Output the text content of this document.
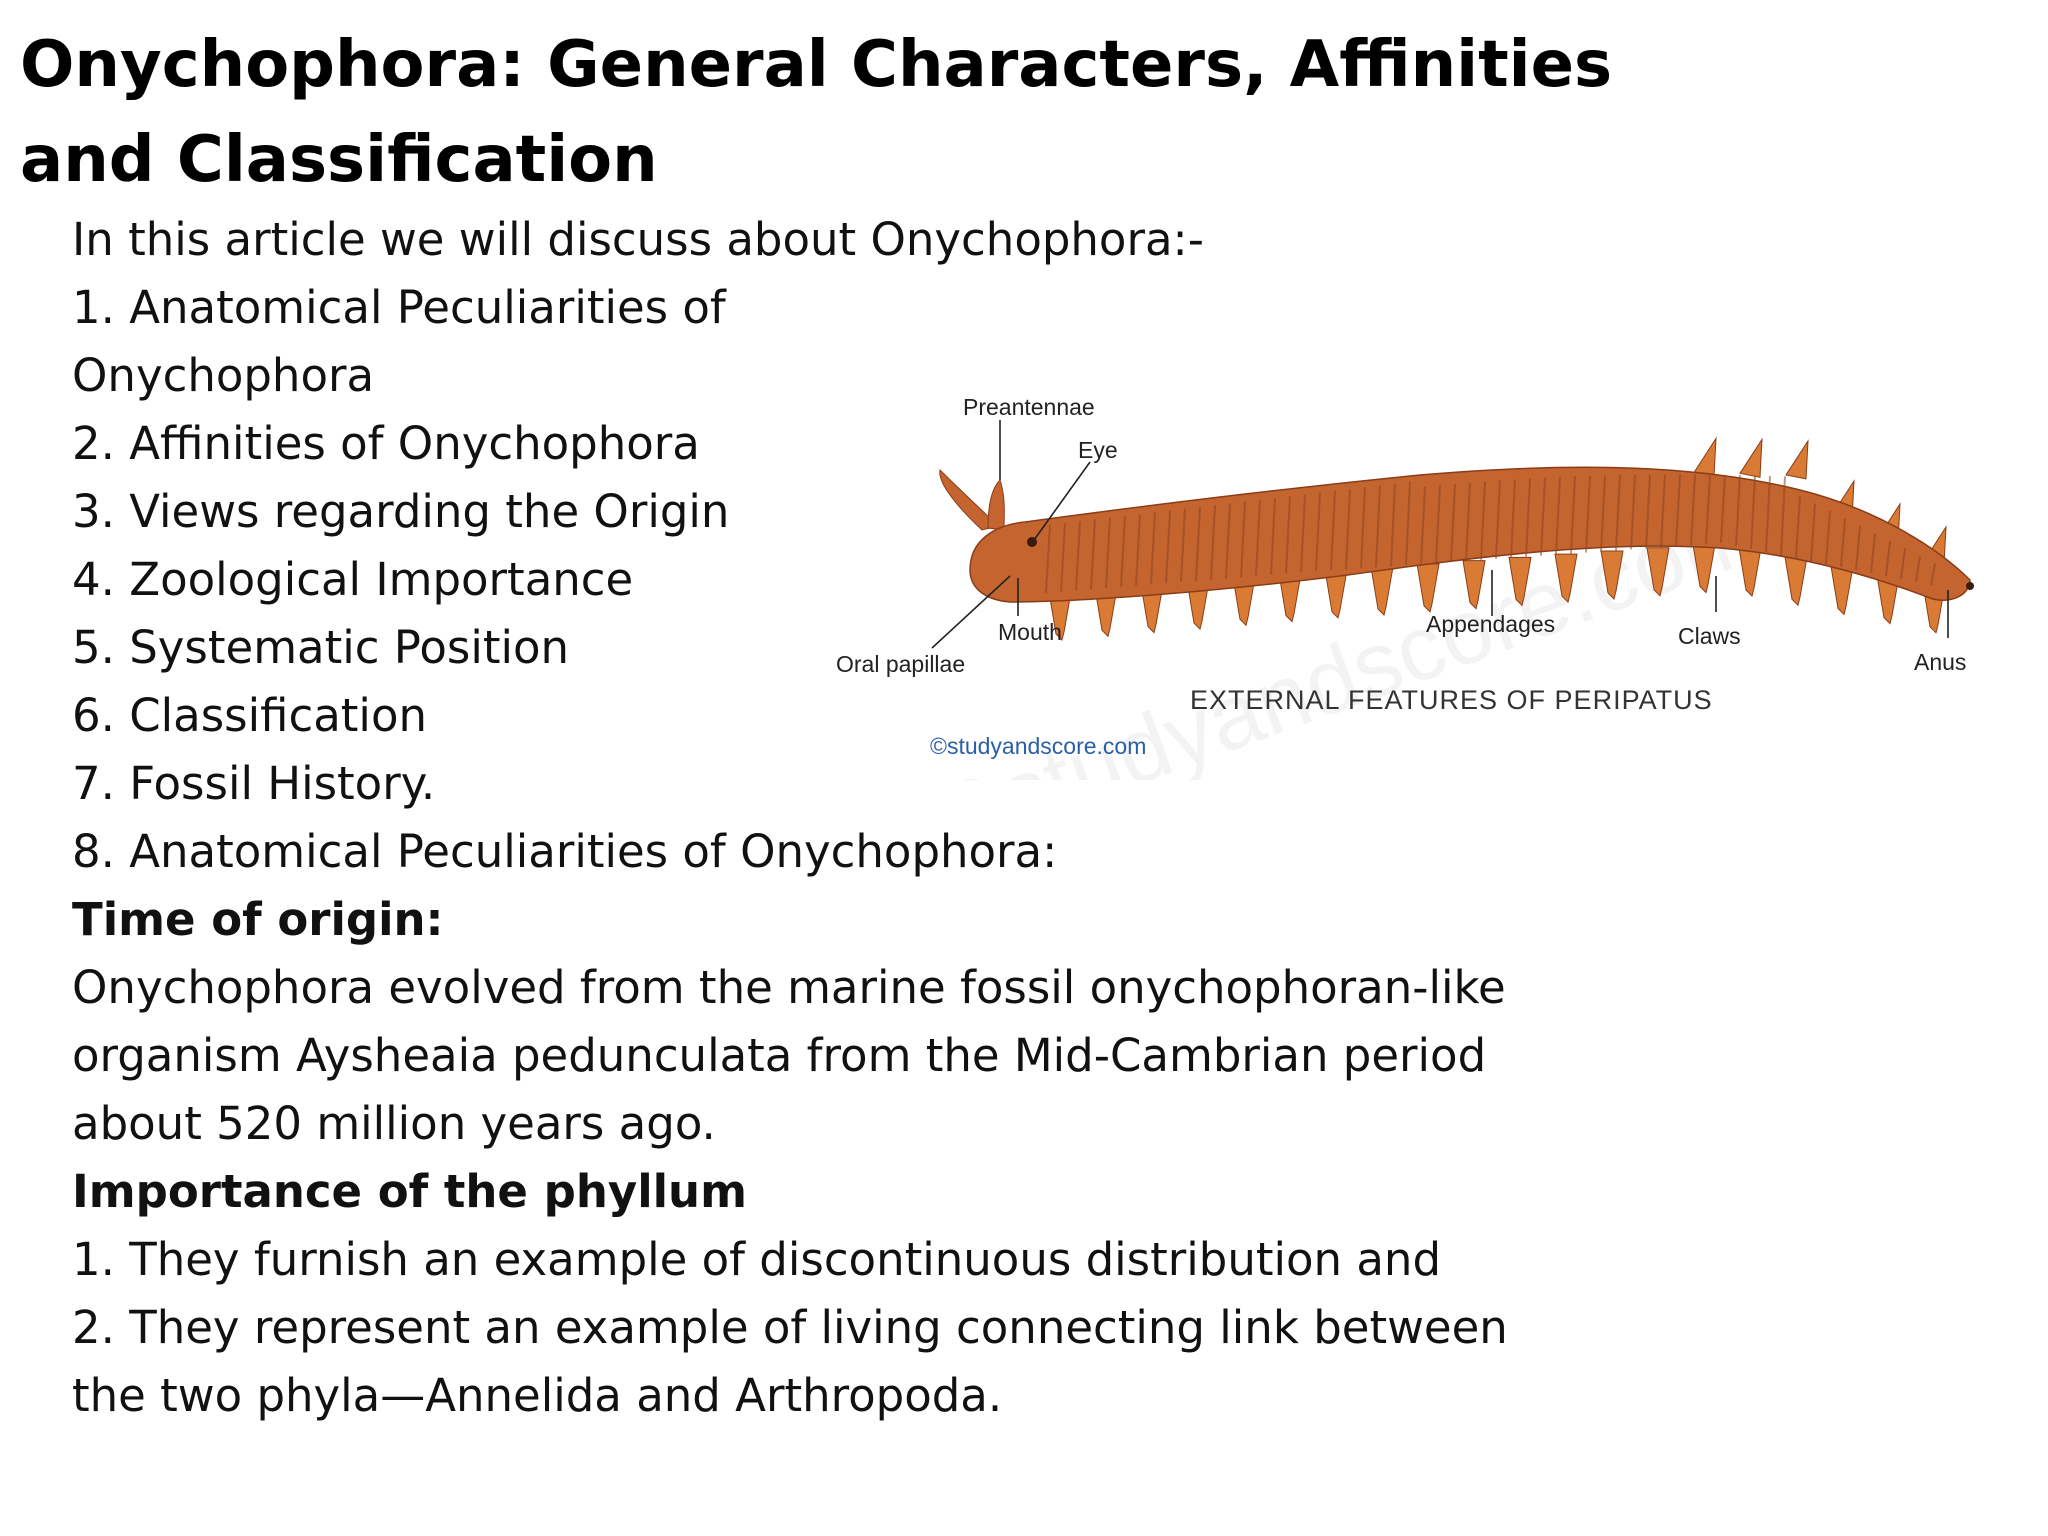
Onychophora: General Characters, Affinities and Classification
In this article we will discuss about Onychophora:-
1. Anatomical Peculiarities of
Onychophora
2. Affinities of Onychophora
3. Views regarding the Origin
4. Zoological Importance
5. Systematic Position
6. Classification
7. Fossil History.
8. Anatomical Peculiarities of Onychophora:
Time of origin:
Onychophora evolved from the marine fossil onychophoran-like
organism Aysheaia pedunculata from the Mid-Cambrian period
about 520 million years ago.
Importance of the phyllum
1. They furnish an example of discontinuous distribution and
2. They represent an example of living connecting link between
the two phyla—Annelida and Arthropoda.
Preantennae
Eye
Mouth
Oral papillae
Appendages	Claws
Anus
EXTERNAL FEATURES OF PERIPATUS
©studyandscore.com
